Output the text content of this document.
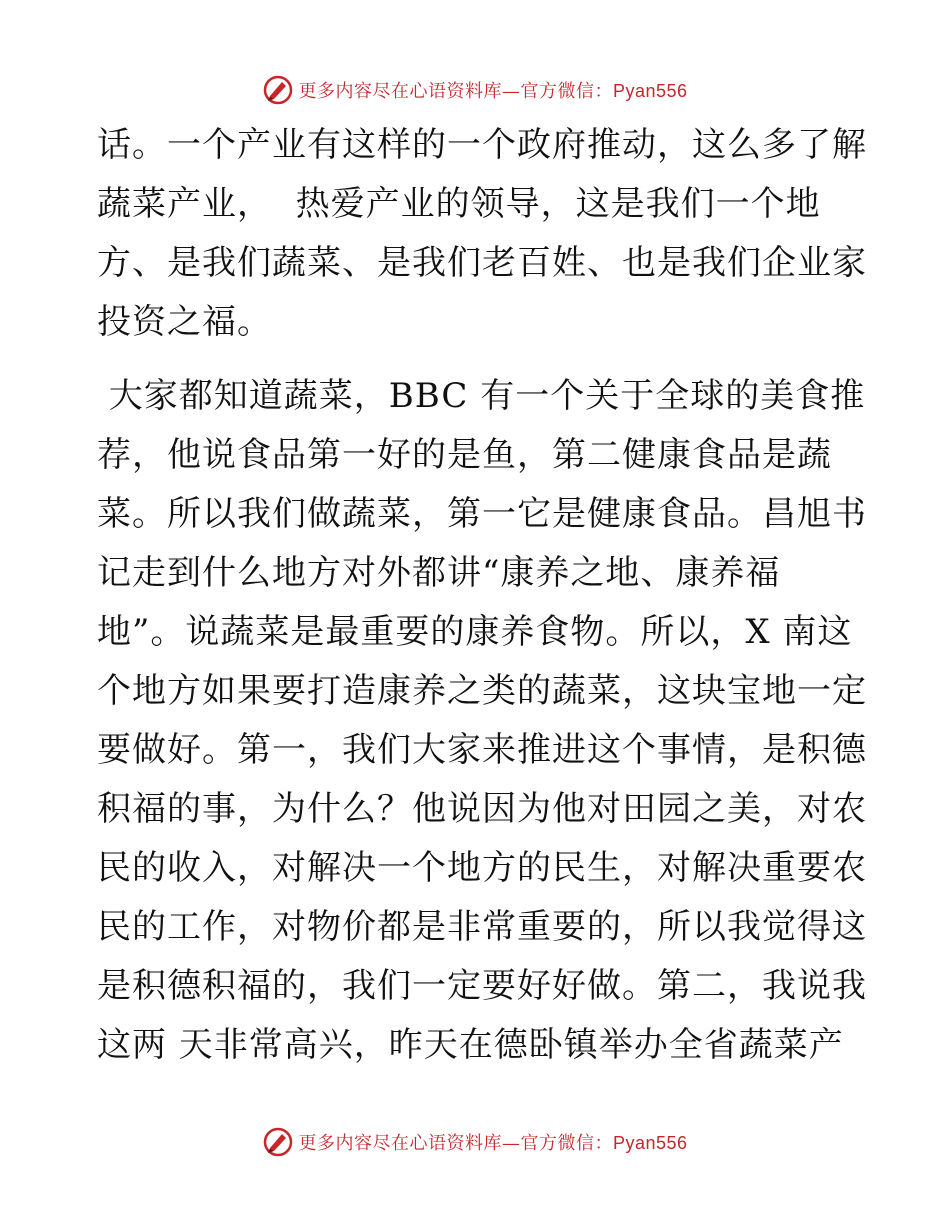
更多内容尽在心语资料库—官方微信：Pyan556
话。一个产业有这样的一个政府推动，这么多了解
蔬菜产业，  热爱产业的领导，这是我们一个地
方、是我们蔬菜、是我们老百姓、也是我们企业家
投资之福。
大家都知道蔬菜，BBC 有一个关于全球的美食推
荐，他说食品第一好的是鱼，第二健康食品是蔬
菜。所以我们做蔬菜，第一它是健康食品。昌旭书
记走到什么地方对外都讲“康养之地、康养福
地”。说蔬菜是最重要的康养食物。所以，X 南这
个地方如果要打造康养之类的蔬菜，这块宝地一定
要做好。第一，我们大家来推进这个事情，是积德
积福的事，为什么？他说因为他对田园之美，对农
民的收入，对解决一个地方的民生，对解决重要农
民的工作，对物价都是非常重要的，所以我觉得这
是积德积福的，我们一定要好好做。第二，我说我
这两 天非常高兴，昨天在德卧镇举办全省蔬菜产
更多内容尽在心语资料库—官方微信：Pyan556
